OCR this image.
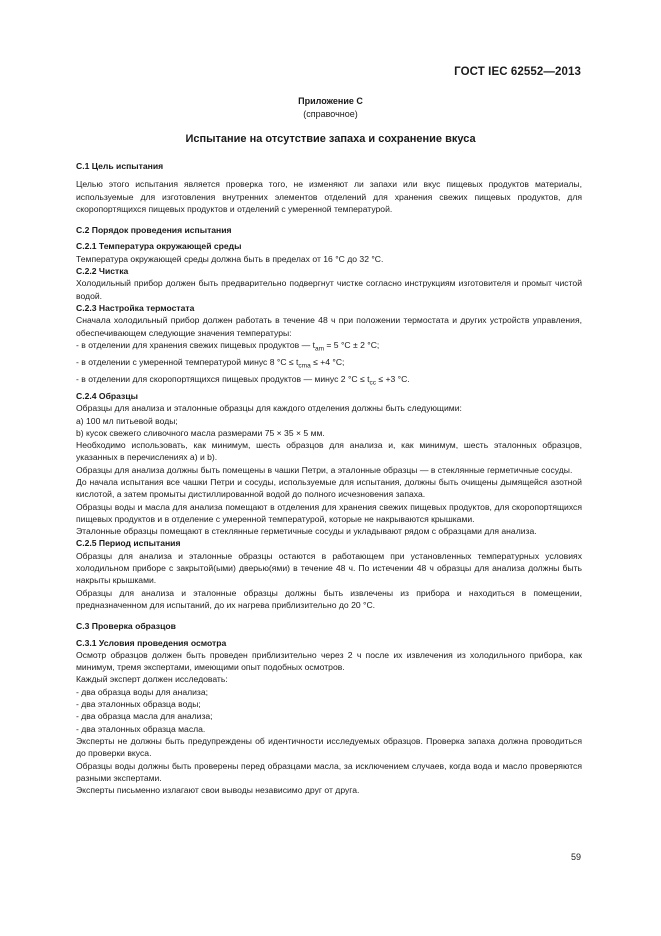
ГОСТ IEC 62552—2013
Приложение С
(справочное)
Испытание на отсутствие запаха и сохранение вкуса

С.1 Цель испытания

Целью этого испытания является проверка того, не изменяют ли запахи или вкус пищевых продуктов материалы, используемые для изготовления внутренних элементов отделений для хранения свежих пищевых продуктов, для скоропортящихся пищевых продуктов и отделений с умеренной температурой.

С.2 Порядок проведения испытания

С.2.1 Температура окружающей среды

Температура окружающей среды должна быть в пределах от 16 °С до 32 °С.

С.2.2 Чистка

Холодильный прибор должен быть предварительно подвергнут чистке согласно инструкциям изготовителя и промыт чистой водой.

С.2.3 Настройка термостата

Сначала холодильный прибор должен работать в течение 48 ч при положении термостата и других устройств управления, обеспечивающем следующие значения температуры:

- в отделении для хранения свежих пищевых продуктов — $t_{am} = 5$ °С ± 2 °С;

- в отделении с умеренной температурой минус 8 $^\circ С \le t_{cma} \le +4$ °С;

- в отделении для скоропортящихся пищевых продуктов — минус 2 $^\circ С \le t_{cc} \le +3$ °С.

С.2.4 Образцы

Образцы для анализа и эталонные образцы для каждого отделения должны быть следующими:

а) 100 мл питьевой воды;

b) кусок свежего сливочного масла размерами 75 × 35 × 5 мм.

Необходимо использовать, как минимум, шесть образцов для анализа и, как минимум, шесть эталонных образцов, указанных в перечислениях а) и b).

Образцы для анализа должны быть помещены в чашки Петри, а эталонные образцы — в стеклянные герметичные сосуды.

До начала испытания все чашки Петри и сосуды, используемые для испытания, должны быть очищены дымящейся азотной кислотой, а затем промыты дистиллированной водой до полного исчезновения запаха.

Образцы воды и масла для анализа помещают в отделения для хранения свежих пищевых продуктов, для скоропортящихся пищевых продуктов и в отделение с умеренной температурой, которые не накрываются крышками.

Эталонные образцы помещают в стеклянные герметичные сосуды и укладывают рядом с образцами для анализа.

С.2.5 Период испытания

Образцы для анализа и эталонные образцы остаются в работающем при установленных температурных условиях холодильном приборе с закрытой(ыми) дверью(ями) в течение 48 ч. По истечении 48 ч образцы для анализа должны быть накрыты крышками.

Образцы для анализа и эталонные образцы должны быть извлечены из прибора и находиться в помещении, предназначенном для испытаний, до их нагрева приблизительно до 20 °С.

С.3 Проверка образцов

С.3.1 Условия проведения осмотра

Осмотр образцов должен быть проведен приблизительно через 2 ч после их извлечения из холодильного прибора, как минимум, тремя экспертами, имеющими опыт подобных осмотров.

Каждый эксперт должен исследовать:

- два образца воды для анализа;

- два эталонных образца воды;

- два образца масла для анализа;

- два эталонных образца масла.

Эксперты не должны быть предупреждены об идентичности исследуемых образцов. Проверка запаха должна проводиться до проверки вкуса.

Образцы воды должны быть проверены перед образцами масла, за исключением случаев, когда вода и масло проверяются разными экспертами.

Эксперты письменно излагают свои выводы независимо друг от друга.

59
